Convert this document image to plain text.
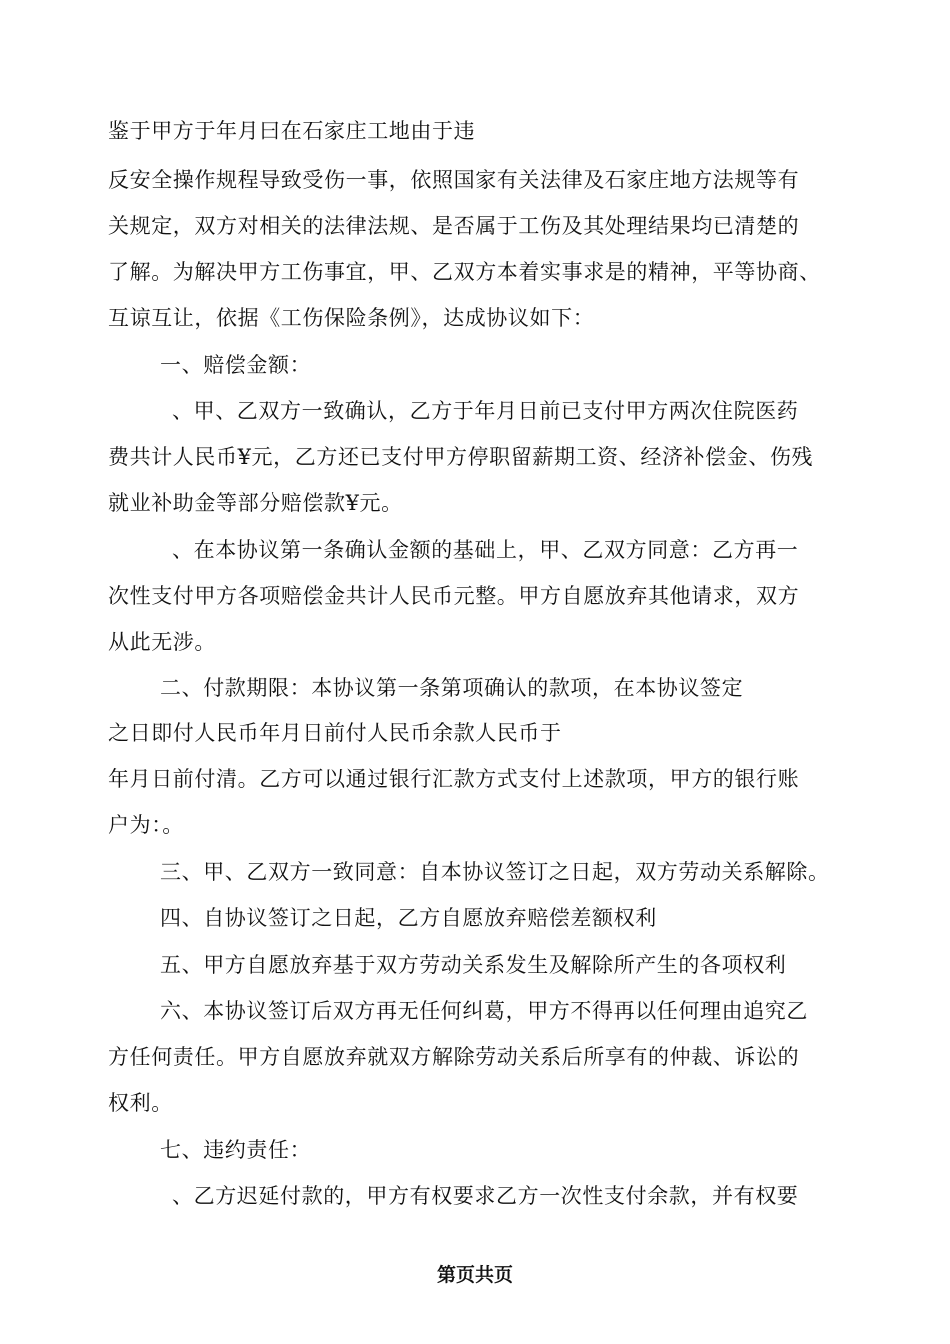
鉴于甲方于年月曰在石家庄工地由于违
反安全操作规程导致受伤一事，依照国家有关法律及石家庄地方法规等有
关规定，双方对相关的法律法规、是否属于工伤及其处理结果均已清楚的
了解。为解决甲方工伤事宜，甲、乙双方本着实事求是的精神，平等协商、
互谅互让，依据《工伤保险条例》，达成协议如下：
一、赔偿金额：
、甲、乙双方一致确认，乙方于年月日前已支付甲方两次住院医药
费共计人民币¥元，乙方还已支付甲方停职留薪期工资、经济补偿金、伤残
就业补助金等部分赔偿款¥元。
、在本协议第一条确认金额的基础上，甲、乙双方同意：乙方再一
次性支付甲方各项赔偿金共计人民币元整。甲方自愿放弃其他请求，双方
从此无涉。
二、付款期限：本协议第一条第项确认的款项，在本协议签定
之日即付人民币年月日前付人民币余款人民币于
年月日前付清。乙方可以通过银行汇款方式支付上述款项，甲方的银行账
户为：。
三、甲、乙双方一致同意：自本协议签订之日起，双方劳动关系解除。
四、自协议签订之日起，乙方自愿放弃赔偿差额权利
五、甲方自愿放弃基于双方劳动关系发生及解除所产生的各项权利
六、本协议签订后双方再无任何纠葛，甲方不得再以任何理由追究乙
方任何责任。甲方自愿放弃就双方解除劳动关系后所享有的仲裁、诉讼的
权利。
七、违约责任：
、乙方迟延付款的，甲方有权要求乙方一次性支付余款，并有权要
第页共页
